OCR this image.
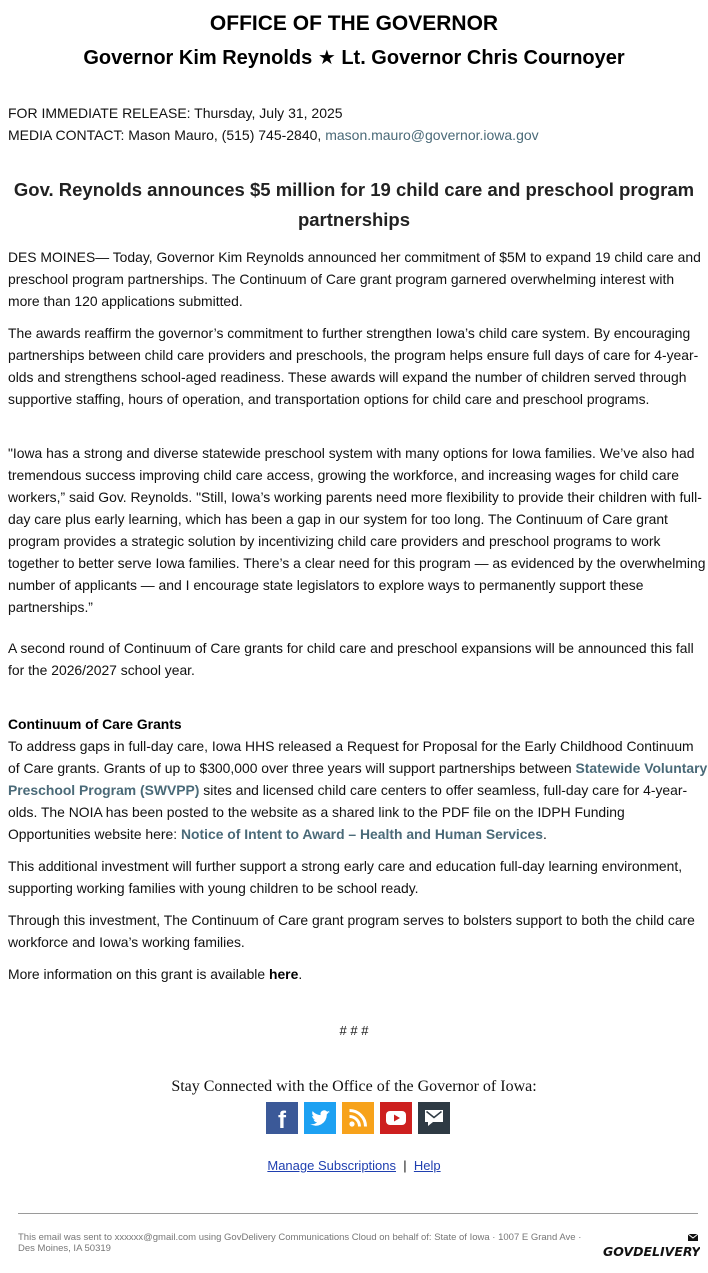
OFFICE OF THE GOVERNOR
Governor Kim Reynolds ★ Lt. Governor Chris Cournoyer
FOR IMMEDIATE RELEASE: Thursday, July 31, 2025
MEDIA CONTACT: Mason Mauro, (515) 745-2840, mason.mauro@governor.iowa.gov
Gov. Reynolds announces $5 million for 19 child care and preschool program partnerships

DES MOINES— Today, Governor Kim Reynolds announced her commitment of $5M to expand 19 child care and preschool program partnerships. The Continuum of Care grant program garnered overwhelming interest with more than 120 applications submitted.

The awards reaffirm the governor’s commitment to further strengthen Iowa’s child care system. By encouraging partnerships between child care providers and preschools, the program helps ensure full days of care for 4-year-olds and strengthens school-aged readiness. These awards will expand the number of children served through supportive staffing, hours of operation, and transportation options for child care and preschool programs.

"Iowa has a strong and diverse statewide preschool system with many options for Iowa families. We’ve also had tremendous success improving child care access, growing the workforce, and increasing wages for child care workers,” said Gov. Reynolds. "Still, Iowa’s working parents need more flexibility to provide their children with full-day care plus early learning, which has been a gap in our system for too long. The Continuum of Care grant program provides a strategic solution by incentivizing child care providers and preschool programs to work together to better serve Iowa families. There’s a clear need for this program — as evidenced by the overwhelming number of applicants — and I encourage state legislators to explore ways to permanently support these partnerships.”

A second round of Continuum of Care grants for child care and preschool expansions will be announced this fall for the 2026/2027 school year.

Continuum of Care Grants

To address gaps in full-day care, Iowa HHS released a Request for Proposal for the Early Childhood Continuum of Care grants. Grants of up to $300,000 over three years will support partnerships between Statewide Voluntary Preschool Program (SWVPP) sites and licensed child care centers to offer seamless, full-day care for 4-year-olds. The NOIA has been posted to the website as a shared link to the PDF file on the IDPH Funding Opportunities website here: Notice of Intent to Award – Health and Human Services.

This additional investment will further support a strong early care and education full-day learning environment, supporting working families with young children to be school ready.

Through this investment, The Continuum of Care grant program serves to bolsters support to both the child care workforce and Iowa’s working families.

More information on this grant is available here.

# # #
Stay Connected with the Office of the Governor of Iowa:
f
Manage Subscriptions | Help
This email was sent to xxxxxx@gmail.com using GovDelivery Communications Cloud on behalf of: State of Iowa · 1007 E Grand Ave · Des Moines, IA 50319	GOVDELIVERY
